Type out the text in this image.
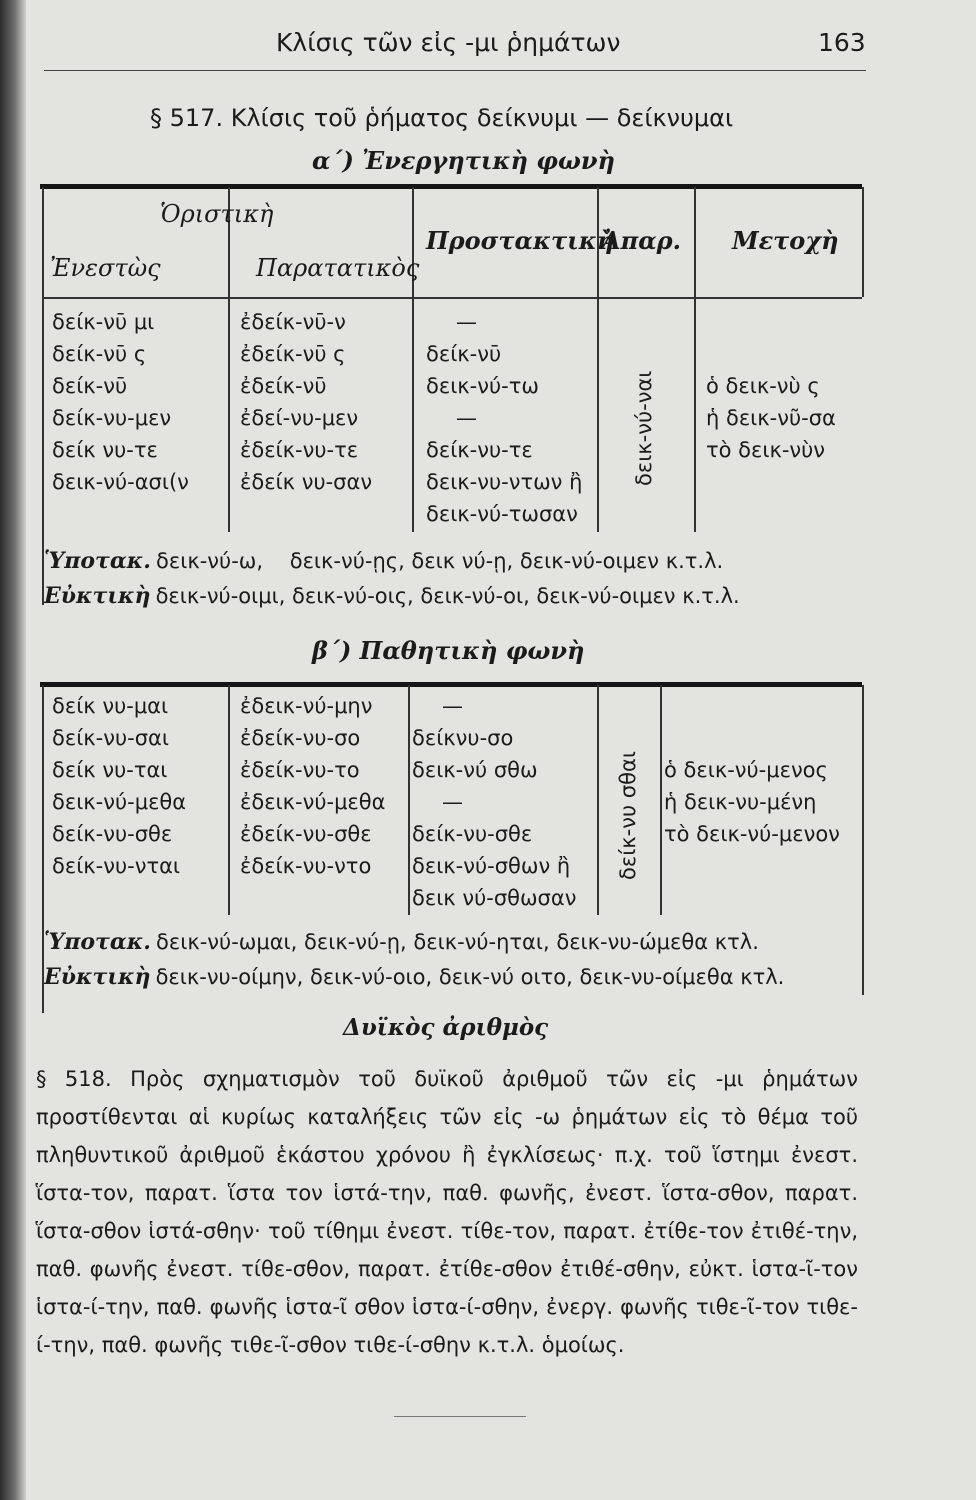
Κλίσις τῶν εἰς -μι ῥημάτων	163
§ 517. Κλίσις τοῦ ῥήματος δείκνυμι — δείκνυμαι
α΄) Ἐνεργητικὴ φωνὴ
Ὁριστικὴ
Ἐνεστὼς	Παρατατικὸς
Προστακτικὴ
Ἀπαρ. Μετοχὴ
δείκ-νῡ μι
δείκ-νῡ ς
δείκ-νῡ
δείκ-νυ-μεν
δείκ νυ-τε
δεικ-νύ-ασι(ν
ἐδείκ-νῡ-ν
ἐδείκ-νῡ ς
ἐδείκ-νῡ
ἐδεί-νυ-μεν
ἐδείκ-νυ-τε
ἐδείκ νυ-σαν
—
δείκ-νῡ
δεικ-νύ-τω
—
δείκ-νυ-τε
δεικ-νυ-ντων ἢ
δεικ-νύ-τωσαν
δεικ-νύ-ναι ὁ δεικ-νὺ ς
ἡ δεικ-νῦ-σα
τὸ δεικ-νὺν
Ὑποτακ. δεικ-νύ-ω,    δεικ-νύ-ῃς, δεικ νύ-ῃ, δεικ-νύ-οιμεν κ.τ.λ.
Εὐκτικὴ δεικ-νύ-οιμι, δεικ-νύ-οις, δεικ-νύ-οι, δεικ-νύ-οιμεν κ.τ.λ.
β΄) Παθητικὴ φωνὴ
δείκ νυ-μαι
δείκ-νυ-σαι
δείκ νυ-ται
δεικ-νύ-μεθα
δείκ-νυ-σθε
δείκ-νυ-νται
ἐδεικ-νύ-μην
ἐδείκ-νυ-σο
ἐδείκ-νυ-το
ἐδεικ-νύ-μεθα
ἐδείκ-νυ-σθε
ἐδείκ-νυ-ντο
—
δείκνυ-σο
δεικ-νύ σθω
—
δείκ-νυ-σθε
δεικ-νύ-σθων ἢ
δεικ νύ-σθωσαν
δείκ-νυ σθαι ὁ δεικ-νύ-μενος
ἡ δεικ-νυ-μένη
τὸ δεικ-νύ-μενον
Ὑποτακ. δεικ-νύ-ωμαι, δεικ-νύ-ῃ, δεικ-νύ-ηται, δεικ-νυ-ώμεθα κτλ.
Εὐκτικὴ δεικ-νυ-οίμην, δεικ-νύ-οιο, δεικ-νύ οιτο, δεικ-νυ-οίμεθα κτλ.
Δυϊκὸς ἀριθμὸς
§ 518. Πρὸς σχηματισμὸν τοῦ δυϊκοῦ ἀριθμοῦ τῶν εἰς -μι ῥημάτων προστίθενται αἱ κυρίως καταλήξεις τῶν εἰς -ω ῥημάτων εἰς τὸ θέμα τοῦ πληθυντικοῦ ἀριθμοῦ ἑκάστου χρόνου ἢ ἐγκλίσεως· π.χ. τοῦ ἵστημι ἐνεστ. ἵστα-τον, παρατ. ἵστα τον ἱστά-την, παθ. φωνῆς, ἐνεστ. ἵστα-σθον, παρατ. ἵστα-σθον ἱστά-σθην· τοῦ τίθημι ἐνεστ. τίθε-τον, παρατ. ἐτίθε-τον ἐτιθέ-την, παθ. φωνῆς ἐνεστ. τίθε-σθον, παρατ. ἐτίθε-σθον ἐτιθέ-σθην, εὐκτ. ἱστα-ῖ-τον ἱστα-ί-την, παθ. φωνῆς ἱστα-ῖ σθον ἱστα-ί-σθην, ἐνεργ. φωνῆς τιθε-ῖ-τον τιθε-ί-την, παθ. φωνῆς τιθε-ῖ-σθον τιθε-ί-σθην κ.τ.λ. ὁμοίως.
